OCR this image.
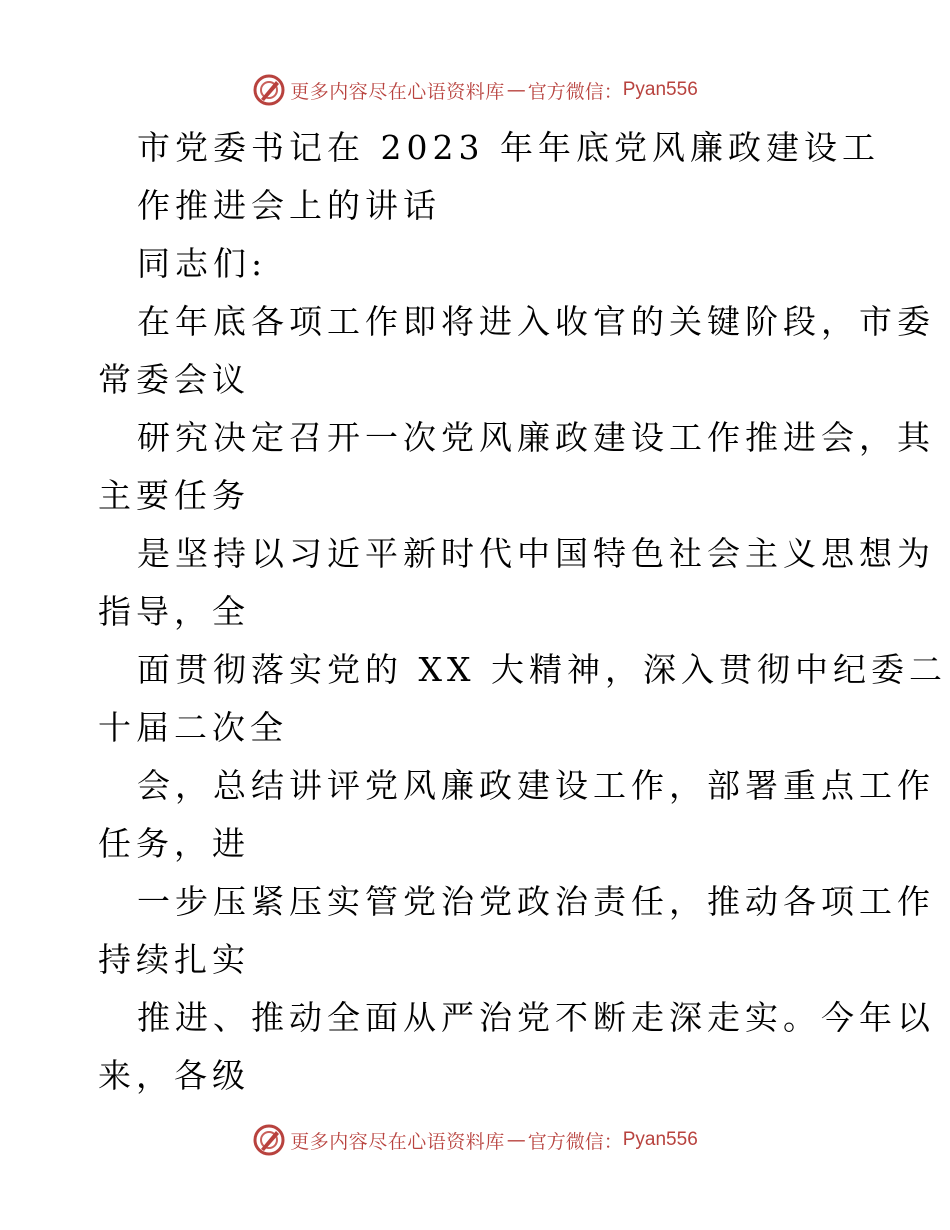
更多内容尽在心语资料库 — 官方微信： Pyan556

市党委书记在 2023 年年底党风廉政建设工

作推进会上的讲话

同志们:

在年底各项工作即将进入收官的关键阶段，市委

常委会议

研究决定召开一次党风廉政建设工作推进会，其

主要任务

是坚持以习近平新时代中国特色社会主义思想为

指导，全

面贯彻落实党的 XX 大精神，深入贯彻中纪委二

十届二次全

会，总结讲评党风廉政建设工作，部署重点工作

任务，进

一步压紧压实管党治党政治责任，推动各项工作

持续扎实

推进、推动全面从严治党不断走深走实。今年以

来，各级

更多内容尽在心语资料库 — 官方微信： Pyan556
